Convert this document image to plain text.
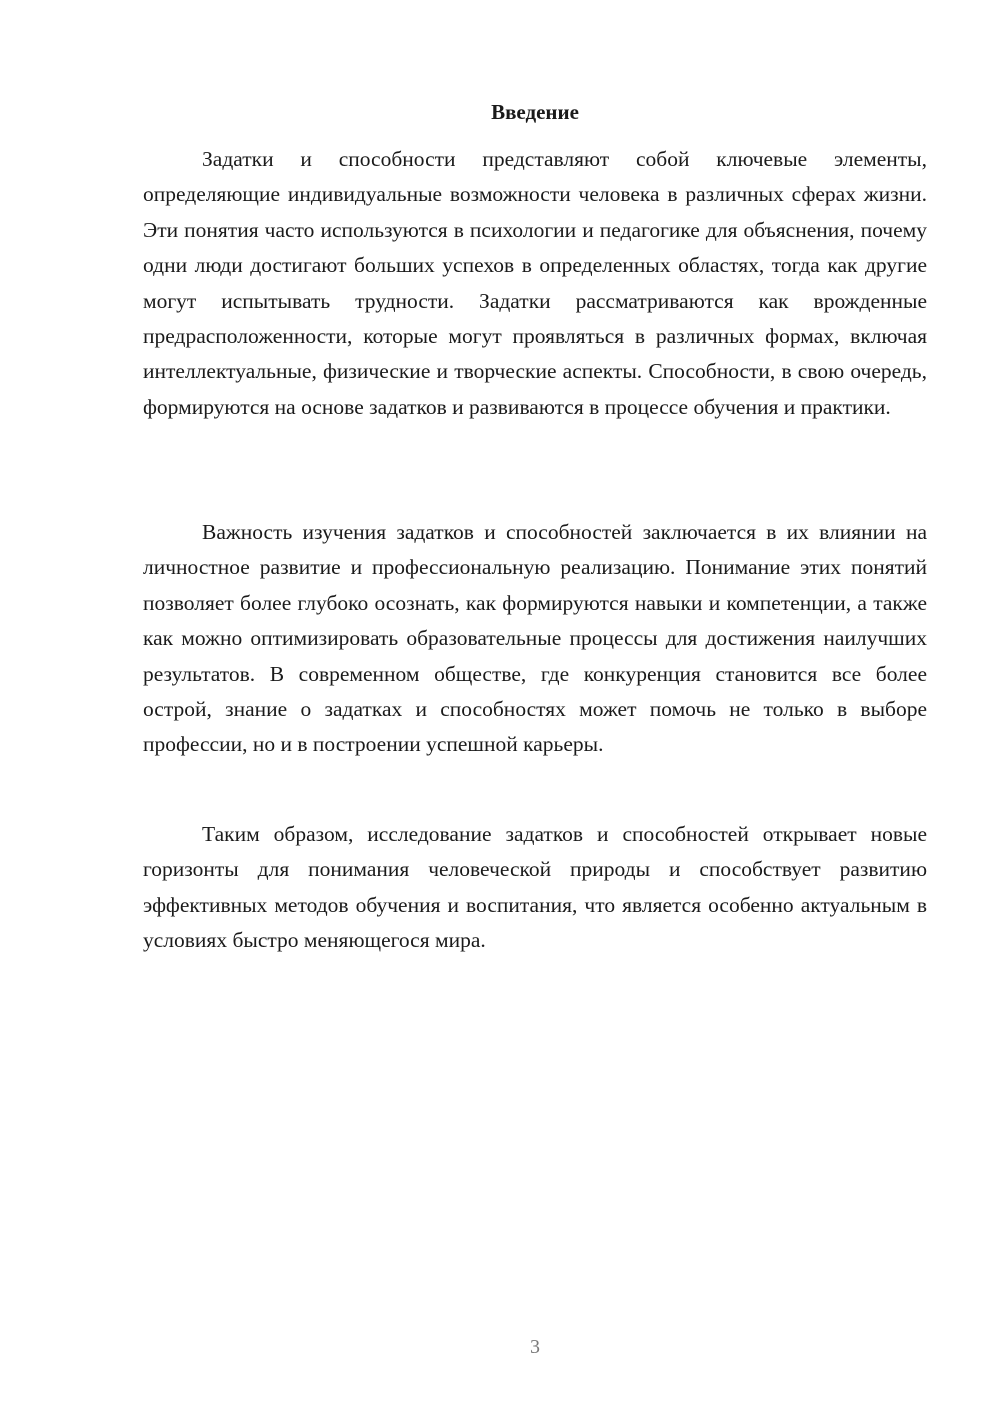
Введение

Задатки и способности представляют собой ключевые элементы, определяющие индивидуальные возможности человека в различных сферах жизни. Эти понятия часто используются в психологии и педагогике для объяснения, почему одни люди достигают больших успехов в определенных областях, тогда как другие могут испытывать трудности. Задатки рассматриваются как врожденные предрасположенности, которые могут проявляться в различных формах, включая интеллектуальные, физические и творческие аспекты. Способности, в свою очередь, формируются на основе задатков и развиваются в процессе обучения и практики.

Важность изучения задатков и способностей заключается в их влиянии на личностное развитие и профессиональную реализацию. Понимание этих понятий позволяет более глубоко осознать, как формируются навыки и компетенции, а также как можно оптимизировать образовательные процессы для достижения наилучших результатов. В современном обществе, где конкуренция становится все более острой, знание о задатках и способностях может помочь не только в выборе профессии, но и в построении успешной карьеры.

Таким образом, исследование задатков и способностей открывает новые горизонты для понимания человеческой природы и способствует развитию эффективных методов обучения и воспитания, что является особенно актуальным в условиях быстро меняющегося мира.

3
